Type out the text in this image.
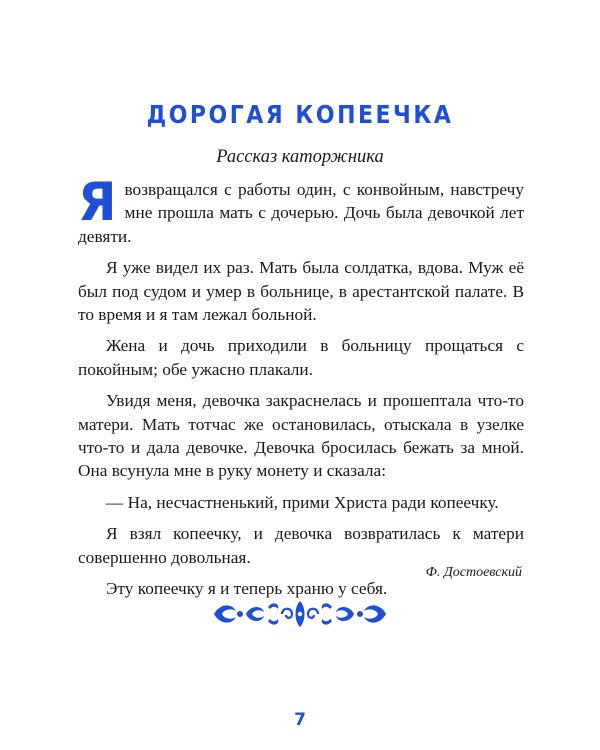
ДОРОГАЯ КОПЕЕЧКА
Рассказ каторжника

Я возвращался с работы один, с конвойным, навстречу мне прошла мать с дочерью. Дочь была девочкой лет девяти.

Я уже видел их раз. Мать была солдатка, вдова. Муж её был под судом и умер в больнице, в арестантской палате. В то время и я там лежал больной.

Жена и дочь приходили в больницу прощаться с покойным; обе ужасно плакали.

Увидя меня, девочка закраснелась и прошептала что-то матери. Мать тотчас же остановилась, отыскала в узелке что-то и дала девочке. Девочка бросилась бежать за мной. Она всунула мне в руку монету и сказала:

— На, несчастненький, прими Христа ради копеечку.

Я взял копеечку, и девочка возвратилась к матери совершенно довольная.

Эту копеечку я и теперь храню у себя.

Ф. Достоевский
7
